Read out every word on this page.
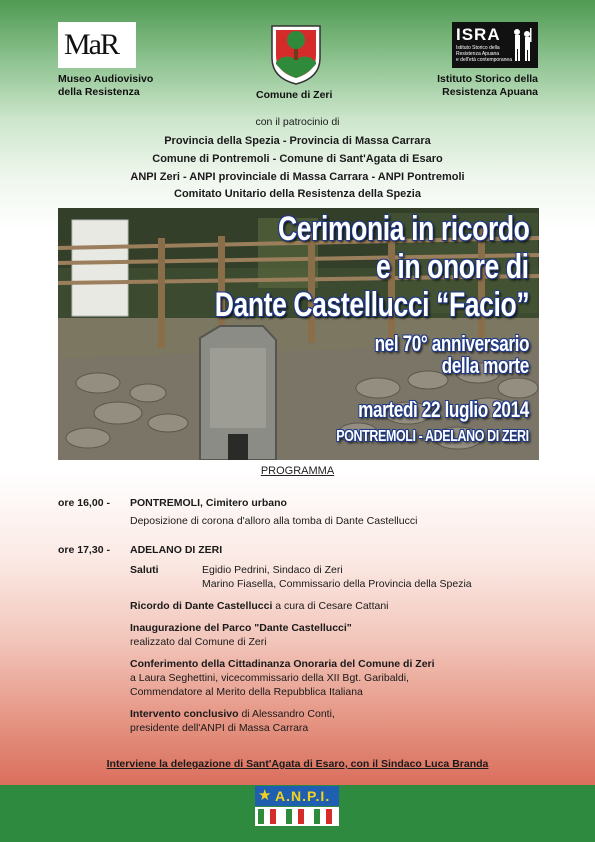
MaR
Museo Audiovisivo
della Resistenza	Comune di Zeri
ISRA
Istituto Storico della
Resistenza Apuana
e dell'età contemporanea
Istituto Storico della
Resistenza Apuana
con il patrocinio di
Provincia della Spezia - Provincia di Massa Carrara
Comune di Pontremoli - Comune di Sant'Agata di Esaro
ANPI Zeri - ANPI provinciale di Massa Carrara - ANPI Pontremoli
Comitato Unitario della Resistenza della Spezia
Cerimonia in ricordo
e in onore di
Dante Castellucci “Facio”
nel 70° anniversario
della morte
martedì 22 luglio 2014
PONTREMOLI - ADELANO DI ZERI
PROGRAMMA
ore 16,00 - PONTREMOLI, Cimitero urbano
Deposizione di corona d'alloro alla tomba di Dante Castellucci
ore 17,30 - ADELANO DI ZERI
Saluti	Egidio Pedrini, Sindaco di Zeri
Marino Fiasella, Commissario della Provincia della Spezia
Ricordo di Dante Castellucci a cura di Cesare Cattani
Inaugurazione del Parco "Dante Castellucci"
realizzato dal Comune di Zeri
Conferimento della Cittadinanza Onoraria del Comune di Zeri
a Laura Seghettini, vicecommissario della XII Bgt. Garibaldi,
Commendatore al Merito della Repubblica Italiana
Intervento conclusivo di Alessandro Conti,
presidente dell'ANPI di Massa Carrara
Interviene la delegazione di Sant'Agata di Esaro, con il Sindaco Luca Branda
★ A.N.P.I.
